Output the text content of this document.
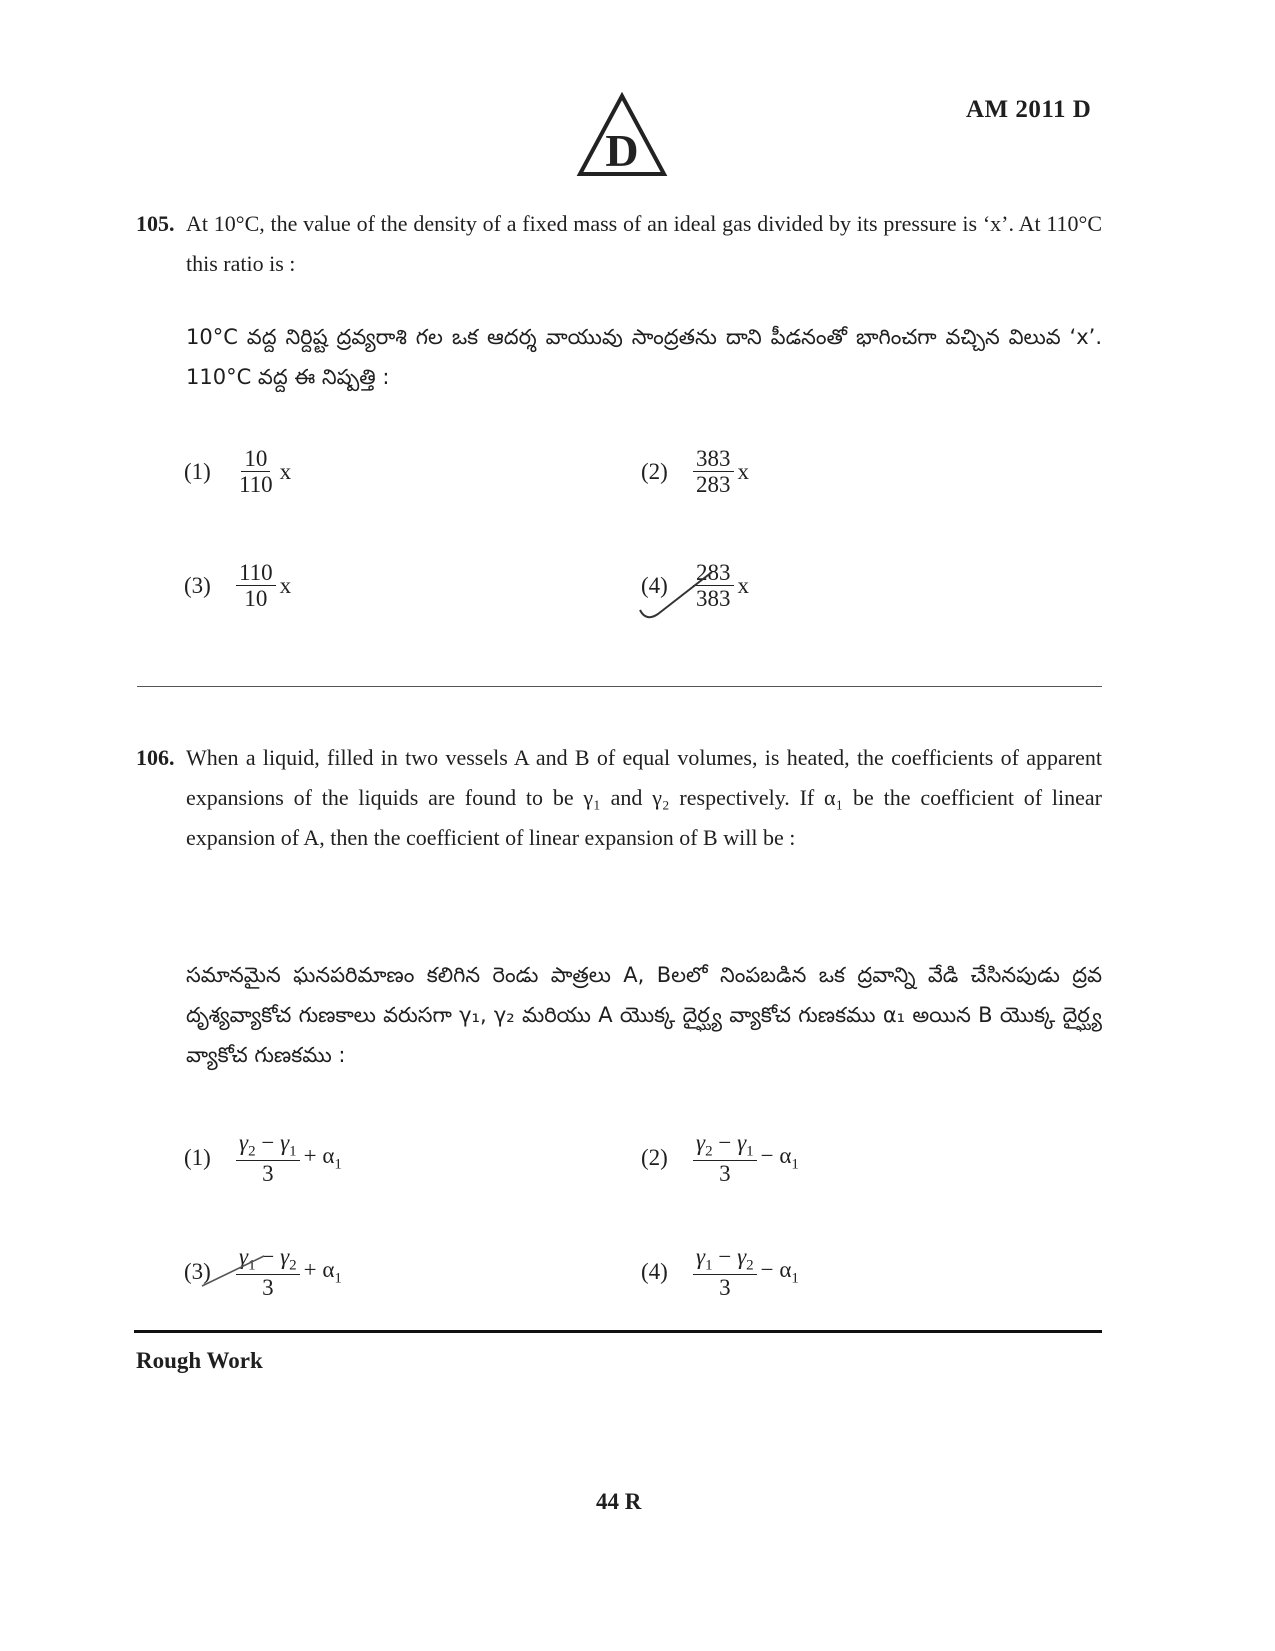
D
AM 2011 D
105. At 10°C, the value of the density of a fixed mass of an ideal gas divided by its pressure is ‘x’. At 110°C this ratio is :
10°C వద్ద నిర్దిష్ట ద్రవ్యరాశి గల ఒక ఆదర్శ వాయువు సాంద్రతను దాని పీడనంతో భాగించగా వచ్చిన విలువ ‘x’. 110°C వద్ద ఈ నిష్పత్తి :
(1)	$\frac{10}{110}$ x	(2)	$\frac{383}{283}$ x
(3)	$\frac{110}{10}$ x	(4)	$\frac{283}{383}$ x
106. When a liquid, filled in two vessels A and B of equal volumes, is heated, the coefficients of apparent expansions of the liquids are found to be γ₁ and γ₂ respectively. If α₁ be the coefficient of linear expansion of A, then the coefficient of linear expansion of B will be :
సమానమైన ఘనపరిమాణం కలిగిన రెండు పాత్రలు A, Bలలో నింపబడిన ఒక ద్రవాన్ని వేడి చేసినపుడు ద్రవ దృశ్యవ్యాకోచ గుణకాలు వరుసగా γ₁, γ₂ మరియు A యొక్క దైర్ఘ్య వ్యాకోచ గుణకము α₁ అయిన B యొక్క దైర్ఘ్య వ్యాకోచ గుణకము :
(1)	$\frac{\gamma_2 - \gamma_1}{3} + \alpha_1$	(2)	$\frac{\gamma_2 - \gamma_1}{3} - \alpha_1$
(3)	$\frac{\gamma_1 - \gamma_2}{3} + \alpha_1$	(4)	$\frac{\gamma_1 - \gamma_2}{3} - \alpha_1$
Rough Work
44 R
